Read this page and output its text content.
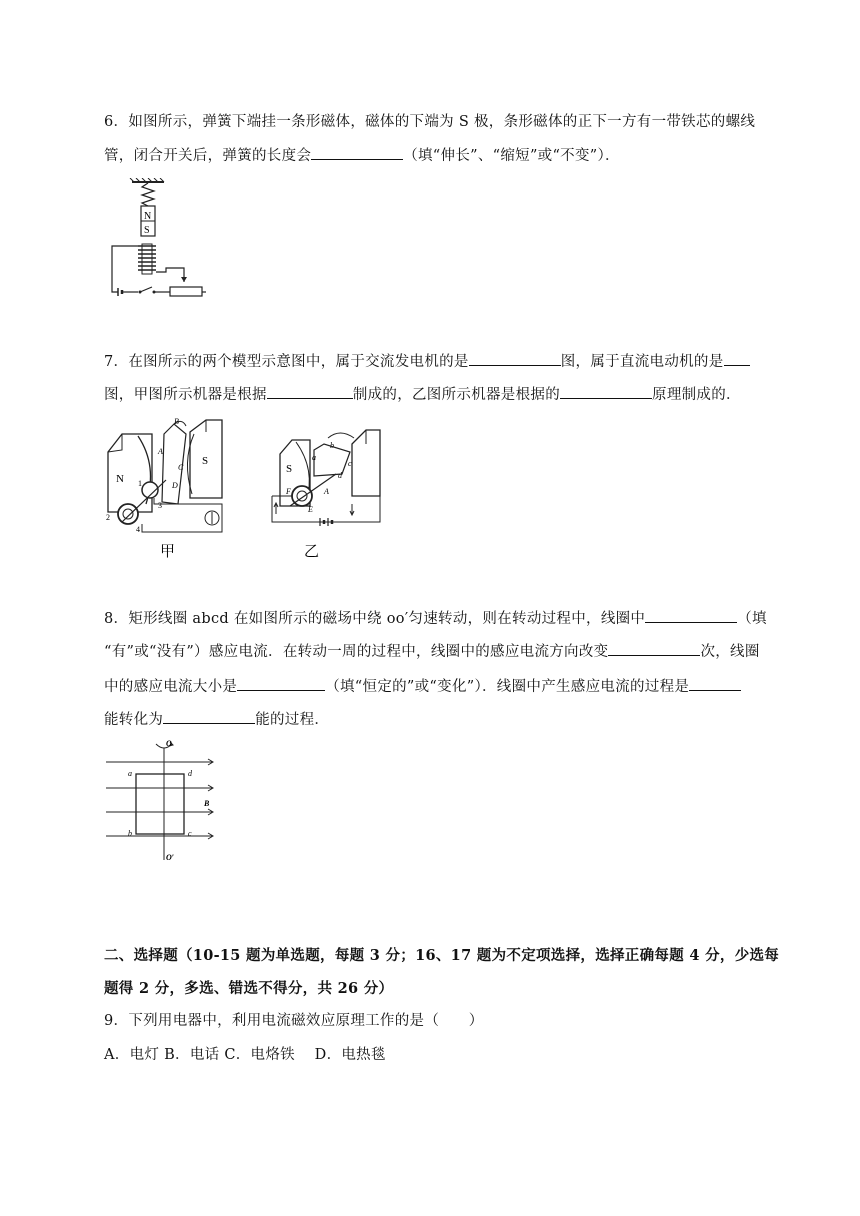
6．如图所示，弹簧下端挂一条形磁体，磁体的下端为 S 极，条形磁体的正下一方有一带铁芯的螺线
管，闭合开关后，弹簧的长度会	（填“伸长”、“缩短”或“不变”）．
N
S
7．在图所示的两个模型示意图中，属于交流发电机的是	图，属于直流电动机的是
图，甲图所示机器是根据	制成的，乙图所示机器是根据的	原理制成的．
N
S
B
A
C
D
1
2
3
4
甲
S
b
a
c
d
F	A
E
乙
8．矩形线圈 abcd 在如图所示的磁场中绕 oo′匀速转动，则在转动过程中，线圈中	（填
“有”或“没有”）感应电流．在转动一周的过程中，线圈中的感应电流方向改变	次，线圈
中的感应电流大小是	（填“恒定的”或“变化”）．线圈中产生感应电流的过程是
能转化为	能的过程．
O
O′
B
a	d
b	c
二、选择题（10-15 题为单选题，每题 3 分；16、17 题为不定项选择，选择正确每题 4 分，少选每
题得 2 分，多选、错选不得分，共 26 分）
9．下列用电器中，利用电流磁效应原理工作的是（　　）
A．电灯 B．电话 C．电烙铁　 D．电热毯
